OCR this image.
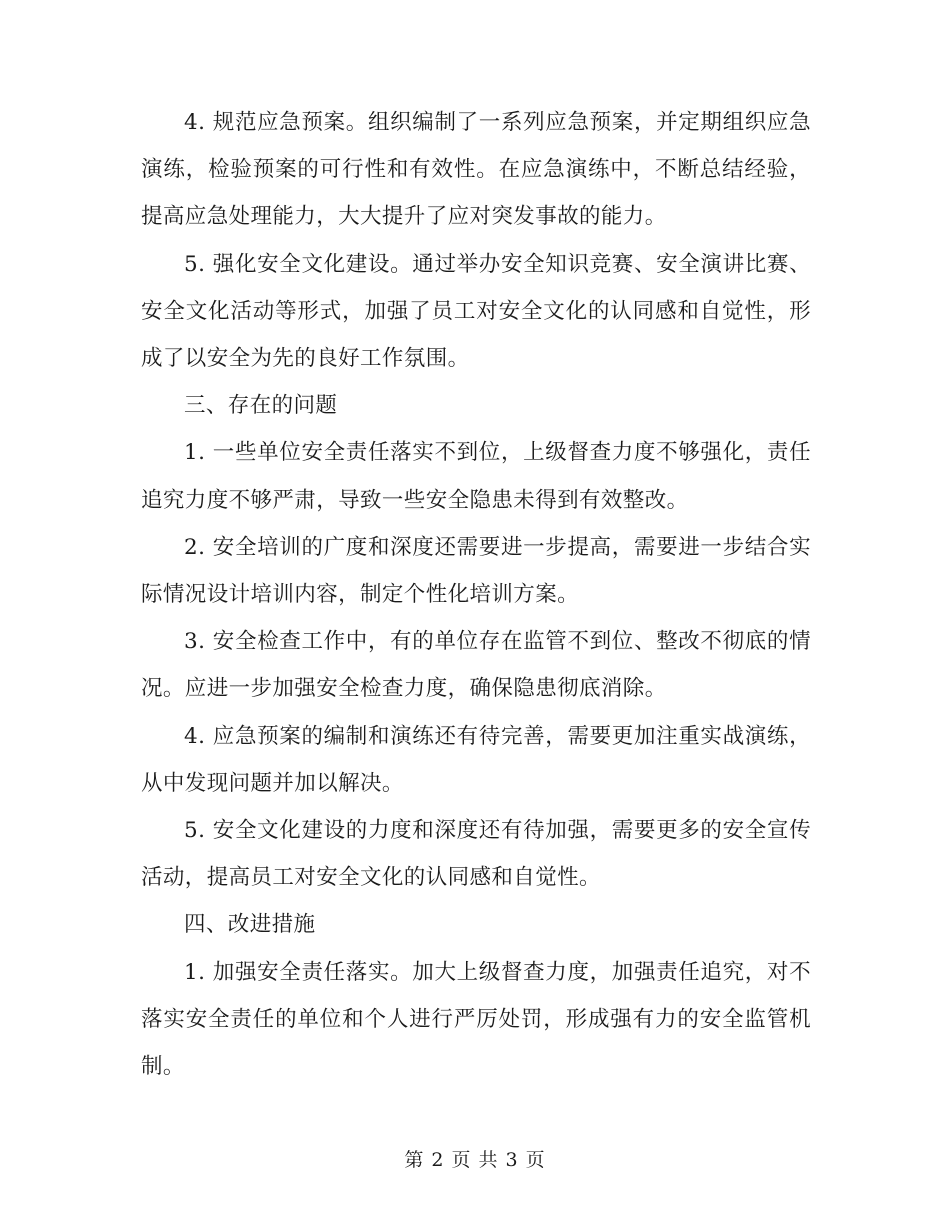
4. 规范应急预案。组织编制了一系列应急预案，并定期组织应急演练，检验预案的可行性和有效性。在应急演练中，不断总结经验，提高应急处理能力，大大提升了应对突发事故的能力。

5. 强化安全文化建设。通过举办安全知识竞赛、安全演讲比赛、安全文化活动等形式，加强了员工对安全文化的认同感和自觉性，形成了以安全为先的良好工作氛围。

三、存在的问题

1. 一些单位安全责任落实不到位，上级督查力度不够强化，责任追究力度不够严肃，导致一些安全隐患未得到有效整改。

2. 安全培训的广度和深度还需要进一步提高，需要进一步结合实际情况设计培训内容，制定个性化培训方案。

3. 安全检查工作中，有的单位存在监管不到位、整改不彻底的情况。应进一步加强安全检查力度，确保隐患彻底消除。

4. 应急预案的编制和演练还有待完善，需要更加注重实战演练，从中发现问题并加以解决。

5. 安全文化建设的力度和深度还有待加强，需要更多的安全宣传活动，提高员工对安全文化的认同感和自觉性。

四、改进措施

1. 加强安全责任落实。加大上级督查力度，加强责任追究，对不落实安全责任的单位和个人进行严厉处罚，形成强有力的安全监管机制。

第 2 页 共 3 页
